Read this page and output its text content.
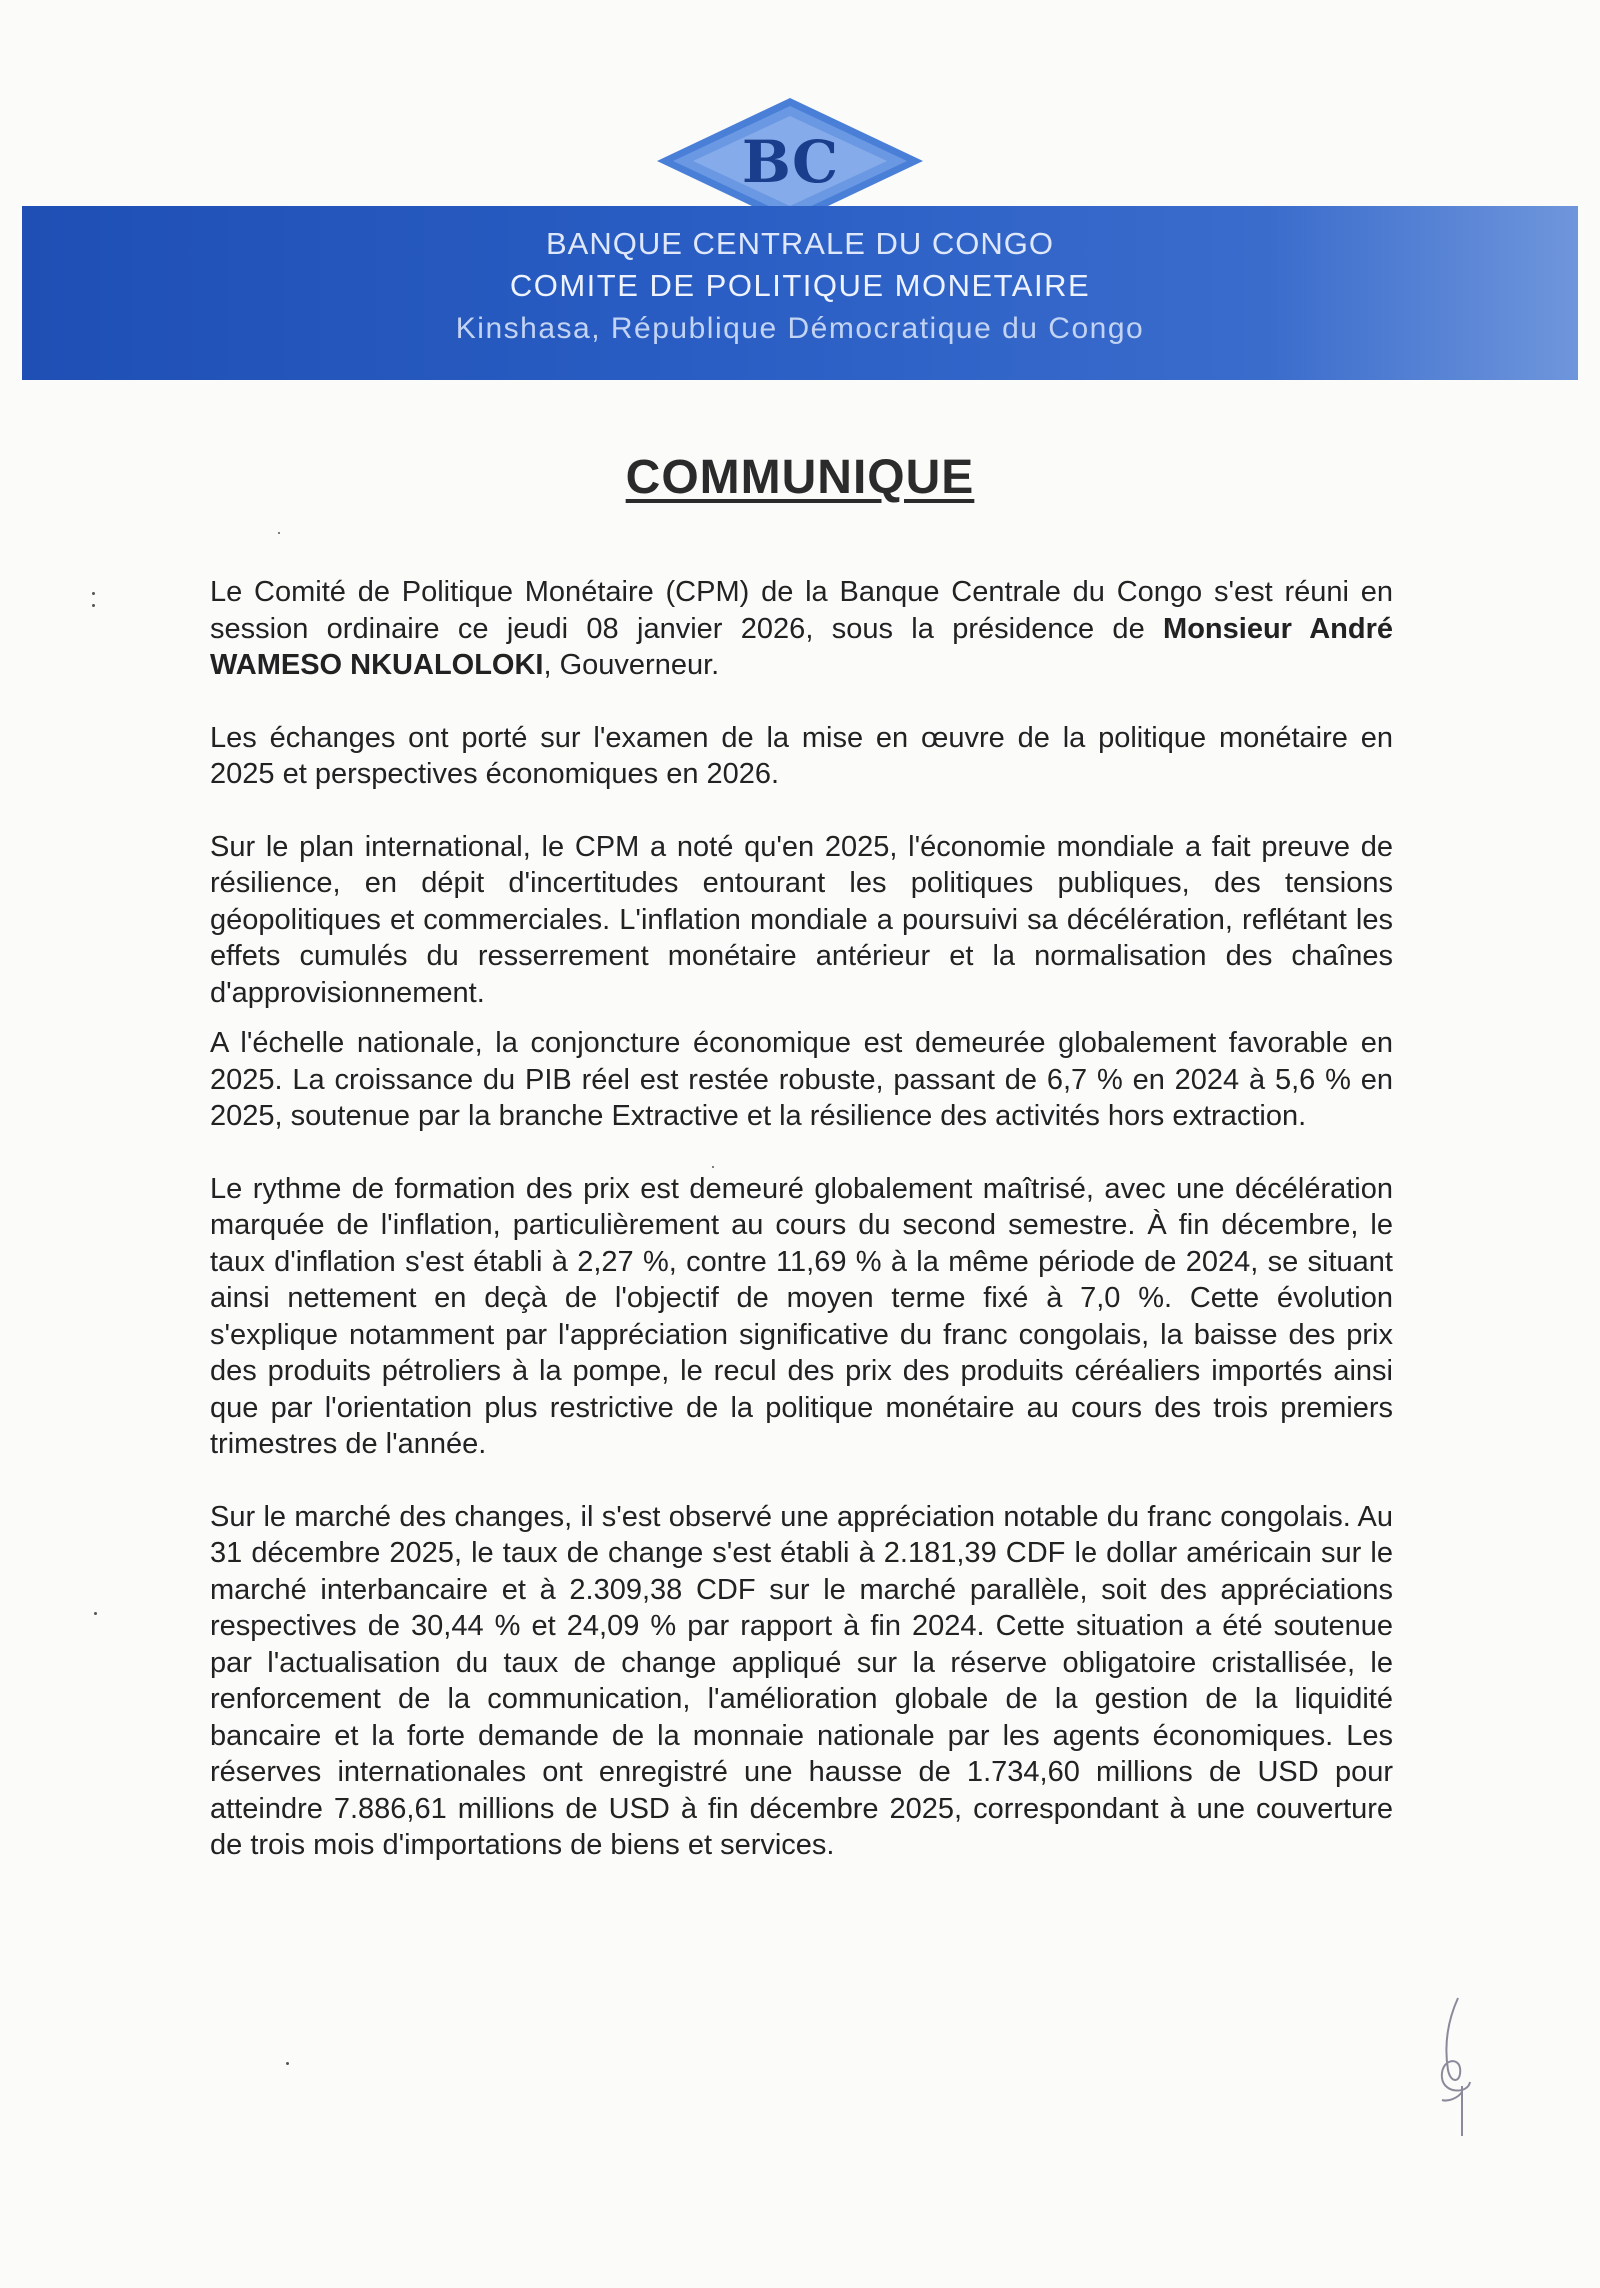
BC
BANQUE CENTRALE DU CONGO
COMITE DE POLITIQUE MONETAIRE
Kinshasa, République Démocratique du Congo
COMMUNIQUE

Le Comité de Politique Monétaire (CPM) de la Banque Centrale du Congo s'est réuni en session ordinaire ce jeudi 08 janvier 2026, sous la présidence de Monsieur André WAMESO NKUALOLOKI, Gouverneur.

Les échanges ont porté sur l'examen de la mise en œuvre de la politique monétaire en 2025 et perspectives économiques en 2026.

Sur le plan international, le CPM a noté qu'en 2025, l'économie mondiale a fait preuve de résilience, en dépit d'incertitudes entourant les politiques publiques, des tensions géopolitiques et commerciales. L'inflation mondiale a poursuivi sa décélération, reflétant les effets cumulés du resserrement monétaire antérieur et la normalisation des chaînes d'approvisionnement.

A l'échelle nationale, la conjoncture économique est demeurée globalement favorable en 2025. La croissance du PIB réel est restée robuste, passant de 6,7 % en 2024 à 5,6 % en 2025, soutenue par la branche Extractive et la résilience des activités hors extraction.

Le rythme de formation des prix est demeuré globalement maîtrisé, avec une décélération marquée de l'inflation, particulièrement au cours du second semestre. À fin décembre, le taux d'inflation s'est établi à 2,27 %, contre 11,69 % à la même période de 2024, se situant ainsi nettement en deçà de l'objectif de moyen terme fixé à 7,0 %. Cette évolution s'explique notamment par l'appréciation significative du franc congolais, la baisse des prix des produits pétroliers à la pompe, le recul des prix des produits céréaliers importés ainsi que par l'orientation plus restrictive de la politique monétaire au cours des trois premiers trimestres de l'année.

Sur le marché des changes, il s'est observé une appréciation notable du franc congolais. Au 31 décembre 2025, le taux de change s'est établi à 2.181,39 CDF le dollar américain sur le marché interbancaire et à 2.309,38 CDF sur le marché parallèle, soit des appréciations respectives de 30,44 % et 24,09 % par rapport à fin 2024. Cette situation a été soutenue par l'actualisation du taux de change appliqué sur la réserve obligatoire cristallisée, le renforcement de la communication, l'amélioration globale de la gestion de la liquidité bancaire et la forte demande de la monnaie nationale par les agents économiques. Les réserves internationales ont enregistré une hausse de 1.734,60 millions de USD pour atteindre 7.886,61 millions de USD à fin décembre 2025, correspondant à une couverture de trois mois d'importations de biens et services.
